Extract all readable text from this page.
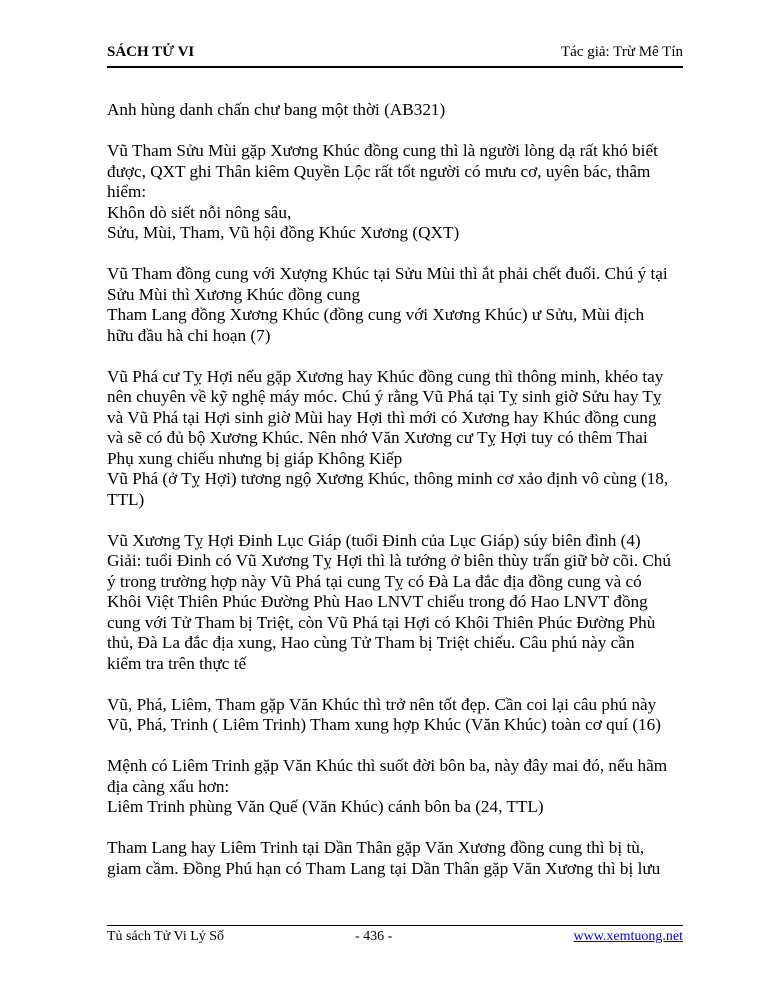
SÁCH TỬ VI	Tác giả: Trừ Mê Tín

Anh hùng danh chấn chư bang một thời (AB321)

Vũ Tham Sửu Mùi gặp Xương Khúc đồng cung thì là người lòng dạ rất khó biết
được, QXT ghi Thân kiêm Quyền Lộc rất tốt người có mưu cơ, uyên bác, thâm
hiểm:
Khôn dò siết nỗi nông sâu,
Sửu, Mùi, Tham, Vũ hội đồng Khúc Xương (QXT)

Vũ Tham đồng cung với Xượng Khúc tại Sửu Mùi thì ắt phải chết đuối. Chú ý tại
Sửu Mùi thì Xương Khúc đồng cung
Tham Lang đồng Xương Khúc (đồng cung với Xương Khúc) ư Sửu, Mùi địch
hữu đầu hà chi hoạn (7)

Vũ Phá cư Tỵ Hợi nếu gặp Xương hay Khúc đồng cung thì thông minh, khéo tay
nên chuyên về kỹ nghệ máy móc. Chú ý rằng Vũ Phá tại Tỵ sinh giờ Sửu hay Tỵ
và Vũ Phá tại Hợi sinh giờ Mùi hay Hợi thì mới có Xương hay Khúc đồng cung
và sẽ có đủ bộ Xương Khúc. Nên nhớ Văn Xương cư Tỵ Hợi tuy có thêm Thai
Phụ xung chiếu nhưng bị giáp Không Kiếp
Vũ Phá (ở Tỵ Hợi) tương ngộ Xương Khúc, thông minh cơ xảo định vô cùng (18,
TTL)

Vũ Xương Tỵ Hợi Đinh Lục Giáp (tuổi Đinh của Lục Giáp) súy biên đình (4)
Giải: tuổi Đinh có Vũ Xương Tỵ Hợi thì là tướng ở biên thùy trấn giữ bờ cõi. Chú
ý trong trường hợp này Vũ Phá tại cung Tỵ có Đà La đắc địa đồng cung và có
Khôi Việt Thiên Phúc Đường Phù Hao LNVT chiếu trong đó Hao LNVT đồng
cung với Tử Tham bị Triệt, còn Vũ Phá tại Hợi có Khôi Thiên Phúc Đường Phù
thủ, Đà La đắc địa xung, Hao cùng Tử Tham bị Triệt chiếu. Câu phú này cần
kiểm tra trên thực tế

Vũ, Phá, Liêm, Tham gặp Văn Khúc thì trở nên tốt đẹp. Cần coi lại câu phú này
Vũ, Phá, Trinh ( Liêm Trinh) Tham xung hợp Khúc (Văn Khúc) toàn cơ quí (16)

Mệnh có Liêm Trinh gặp Văn Khúc thì suốt đời bôn ba, này đây mai đó, nếu hãm
địa càng xấu hơn:
Liêm Trinh phùng Văn Quế (Văn Khúc) cánh bôn ba (24, TTL)

Tham Lang hay Liêm Trinh tại Dần Thân gặp Văn Xương đồng cung thì bị tù,
giam cầm. Đồng Phú hạn có Tham Lang tại Dần Thân gặp Văn Xương thì bị lưu

Tủ sách Tử Vi Lý Số	- 436 -	www.xemtuong.net
